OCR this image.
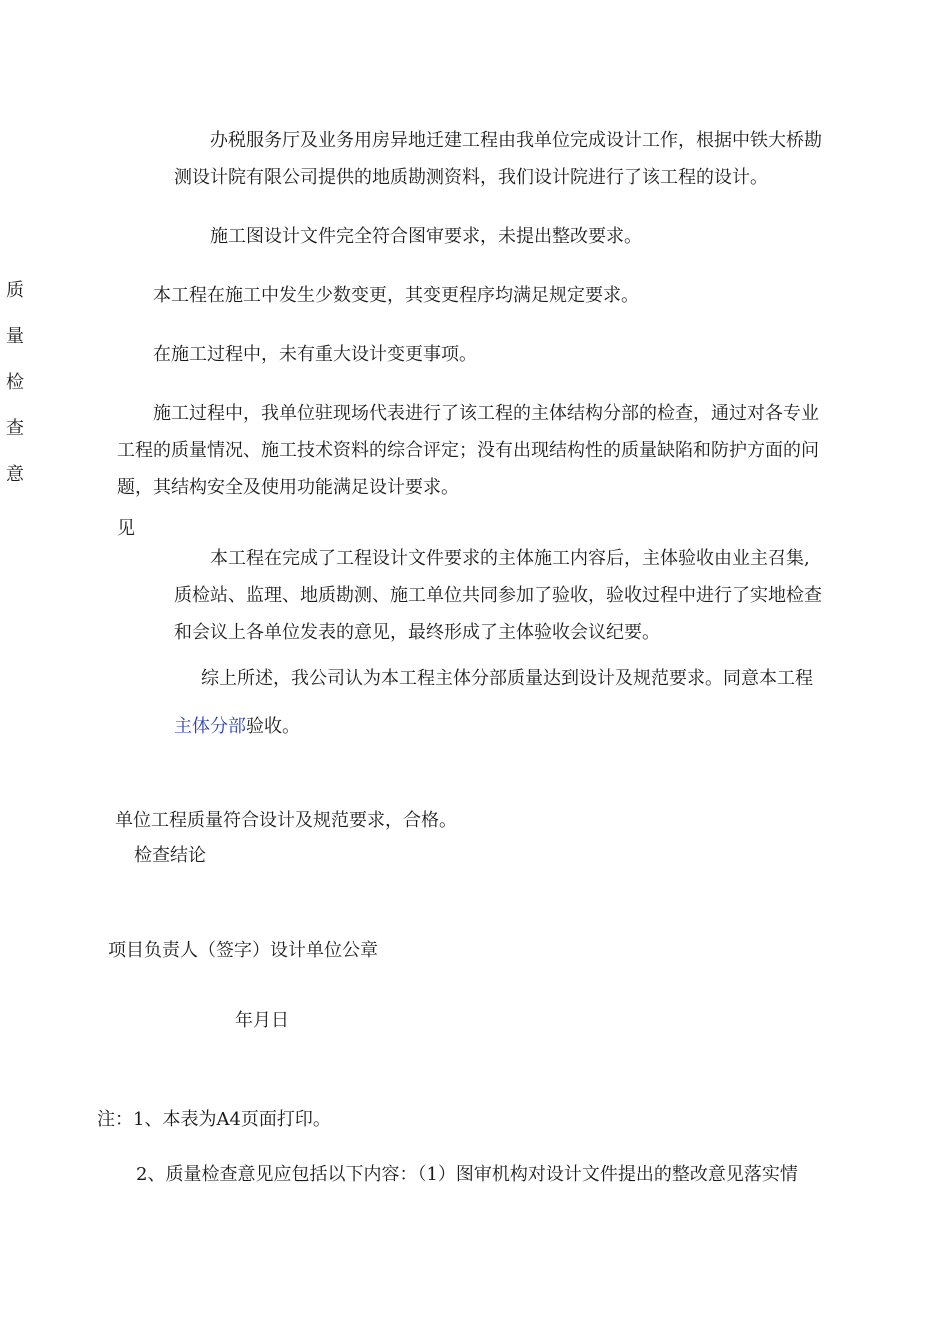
质
量
检
查
意
见
办税服务厅及业务用房异地迁建工程由我单位完成设计工作，根据中铁大桥勘
测设计院有限公司提供的地质勘测资料，我们设计院进行了该工程的设计。
施工图设计文件完全符合图审要求，未提出整改要求。
本工程在施工中发生少数变更，其变更程序均满足规定要求。
在施工过程中，未有重大设计变更事项。
施工过程中，我单位驻现场代表进行了该工程的主体结构分部的检查，通过对各专业
工程的质量情况、施工技术资料的综合评定；没有出现结构性的质量缺陷和防护方面的问
题，其结构安全及使用功能满足设计要求。
本工程在完成了工程设计文件要求的主体施工内容后，主体验收由业主召集,
质检站、监理、地质勘测、施工单位共同参加了验收，验收过程中进行了实地检查
和会议上各单位发表的意见，最终形成了主体验收会议纪要。
综上所述，我公司认为本工程主体分部质量达到设计及规范要求。同意本工程
主体分部验收。
单位工程质量符合设计及规范要求，合格。
检查结论
项目负责人（签字）设计单位公章
年月日
注：1、本表为A4页面打印。
2、质量检查意见应包括以下内容：（1）图审机构对设计文件提出的整改意见落实情
